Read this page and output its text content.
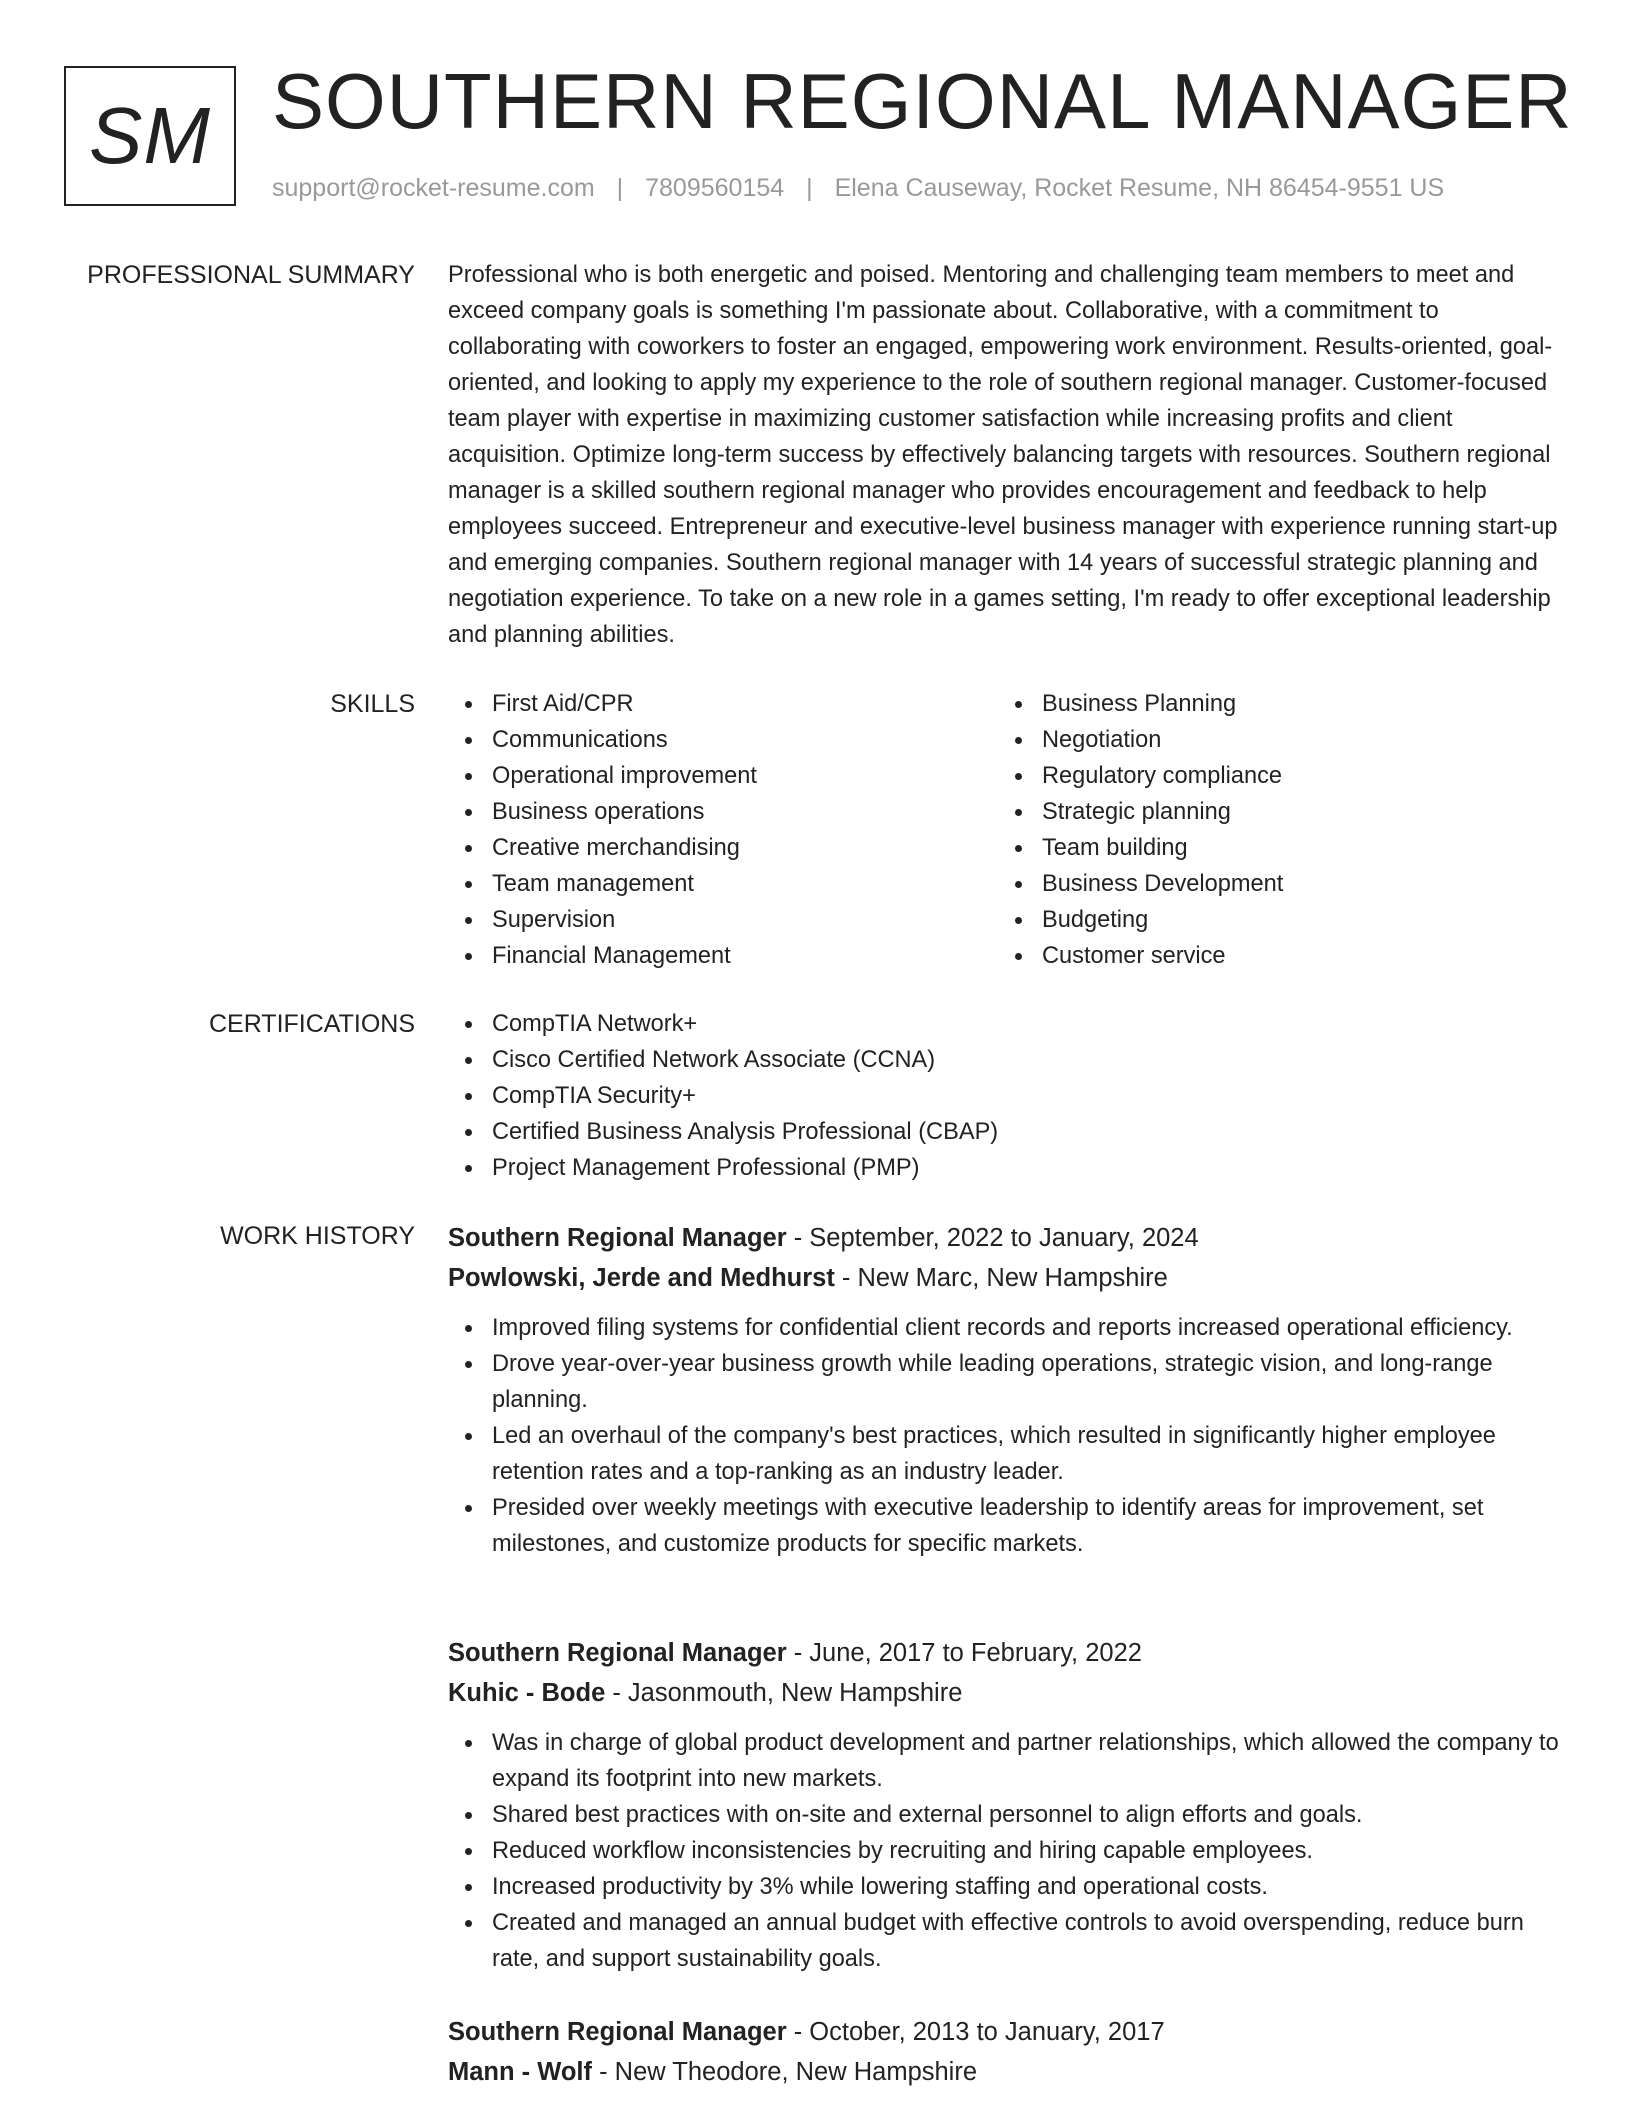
SM SOUTHERN REGIONAL MANAGER
support@rocket-resume.com | 7809560154 | Elena Causeway, Rocket Resume, NH 86454-9551 US
PROFESSIONAL SUMMARY Professional who is both energetic and poised. Mentoring and challenging team members to meet and exceed company goals is something I'm passionate about. Collaborative, with a commitment to collaborating with coworkers to foster an engaged, empowering work environment. Results-oriented, goal-oriented, and looking to apply my experience to the role of southern regional manager. Customer-focused team player with expertise in maximizing customer satisfaction while increasing profits and client acquisition. Optimize long-term success by effectively balancing targets with resources. Southern regional manager is a skilled southern regional manager who provides encouragement and feedback to help employees succeed. Entrepreneur and executive-level business manager with experience running start-up and emerging companies. Southern regional manager with 14 years of successful strategic planning and negotiation experience. To take on a new role in a games setting, I'm ready to offer exceptional leadership and planning abilities.

SKILLS	First Aid/CPR
Communications
Operational improvement
Business operations
Creative merchandising
Team management
Supervision
Financial Management
Business Planning
Negotiation
Regulatory compliance
Strategic planning
Team building
Business Development
Budgeting
Customer service
CERTIFICATIONS	CompTIA Network+
Cisco Certified Network Associate (CCNA)
CompTIA Security+
Certified Business Analysis Professional (CBAP)
Project Management Professional (PMP)
WORK HISTORY Southern Regional Manager - September, 2022 to January, 2024
Powlowski, Jerde and Medhurst - New Marc, New Hampshire
Improved filing systems for confidential client records and reports increased operational efficiency.
Drove year-over-year business growth while leading operations, strategic vision, and long-range planning.
Led an overhaul of the company's best practices, which resulted in significantly higher employee retention rates and a top-ranking as an industry leader.
Presided over weekly meetings with executive leadership to identify areas for improvement, set milestones, and customize products for specific markets.
Southern Regional Manager - June, 2017 to February, 2022
Kuhic - Bode - Jasonmouth, New Hampshire
Was in charge of global product development and partner relationships, which allowed the company to expand its footprint into new markets.
Shared best practices with on-site and external personnel to align efforts and goals.
Reduced workflow inconsistencies by recruiting and hiring capable employees.
Increased productivity by 3% while lowering staffing and operational costs.
Created and managed an annual budget with effective controls to avoid overspending, reduce burn rate, and support sustainability goals.
Southern Regional Manager - October, 2013 to January, 2017
Mann - Wolf - New Theodore, New Hampshire
